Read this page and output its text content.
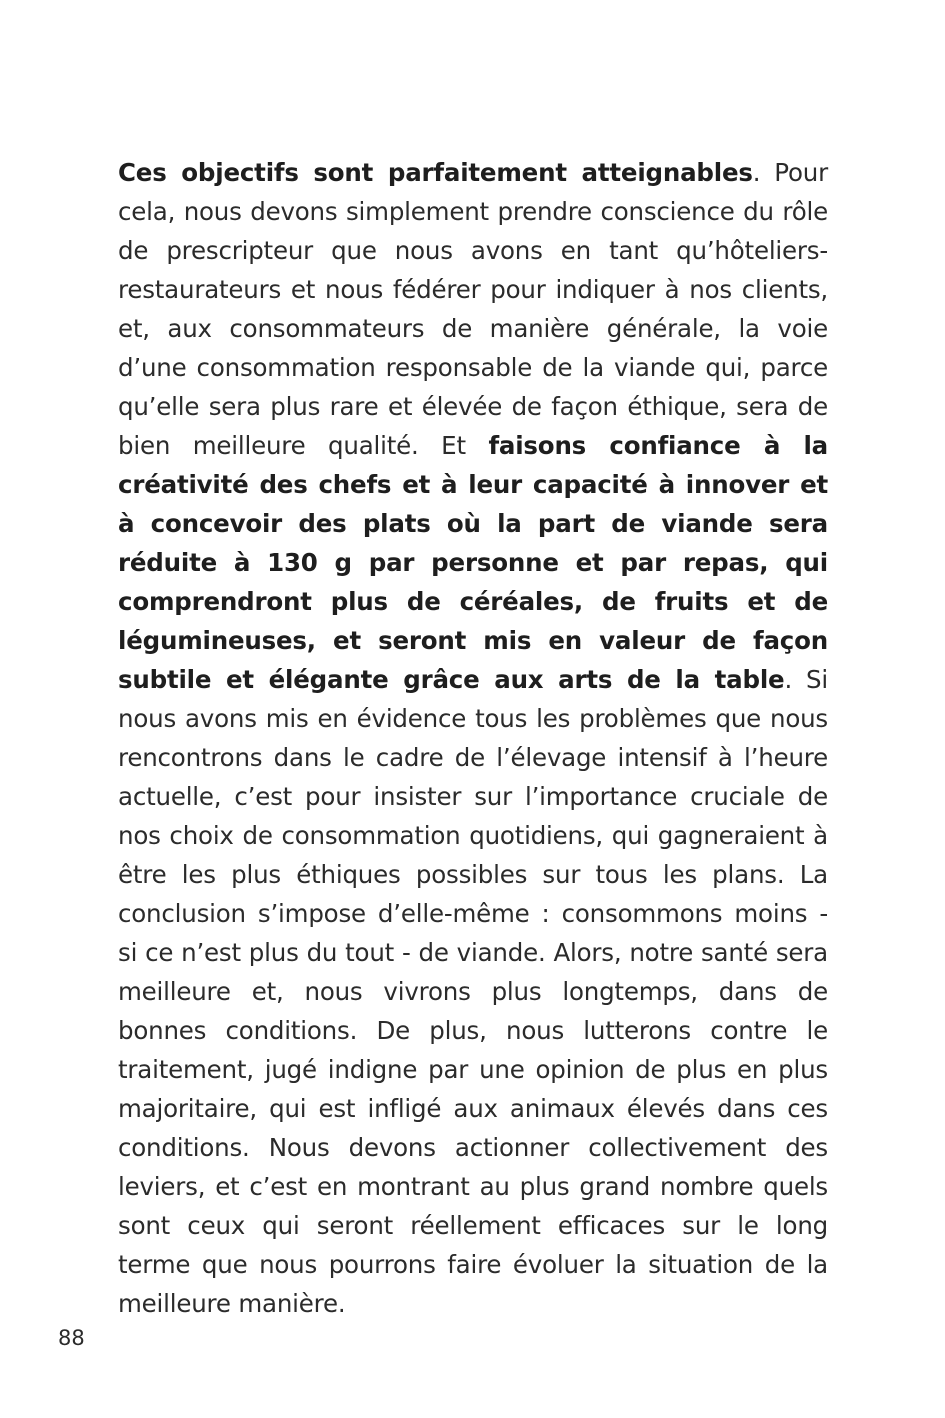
Ces objectifs sont parfaitement atteignables. Pour cela, nous devons simplement prendre conscience du rôle de prescripteur que nous avons en tant qu’hôteliers-restaurateurs et nous fédérer pour indiquer à nos clients, et, aux consommateurs de manière générale, la voie d’une consommation responsable de la viande qui, parce qu’elle sera plus rare et élevée de façon éthique, sera de bien meilleure qualité. Et faisons confiance à la créativité des chefs et à leur capacité à innover et à concevoir des plats où la part de viande sera réduite à 130 g par personne et par repas, qui comprendront plus de céréales, de fruits et de légumineuses, et seront mis en valeur de façon subtile et élégante grâce aux arts de la table. Si nous avons mis en évidence tous les problèmes que nous rencontrons dans le cadre de l’élevage intensif à l’heure actuelle, c’est pour insister sur l’importance cruciale de nos choix de consommation quotidiens, qui gagneraient à être les plus éthiques possibles sur tous les plans. La conclusion s’impose d’elle-même : consommons moins - si ce n’est plus du tout - de viande. Alors, notre santé sera meilleure et, nous vivrons plus longtemps, dans de bonnes conditions. De plus, nous lutterons contre le traitement, jugé indigne par une opinion de plus en plus majoritaire, qui est infligé aux animaux élevés dans ces conditions. Nous devons actionner collectivement des leviers, et c’est en montrant au plus grand nombre quels sont ceux qui seront réellement efficaces sur le long terme que nous pourrons faire évoluer la situation de la meilleure manière.

88
